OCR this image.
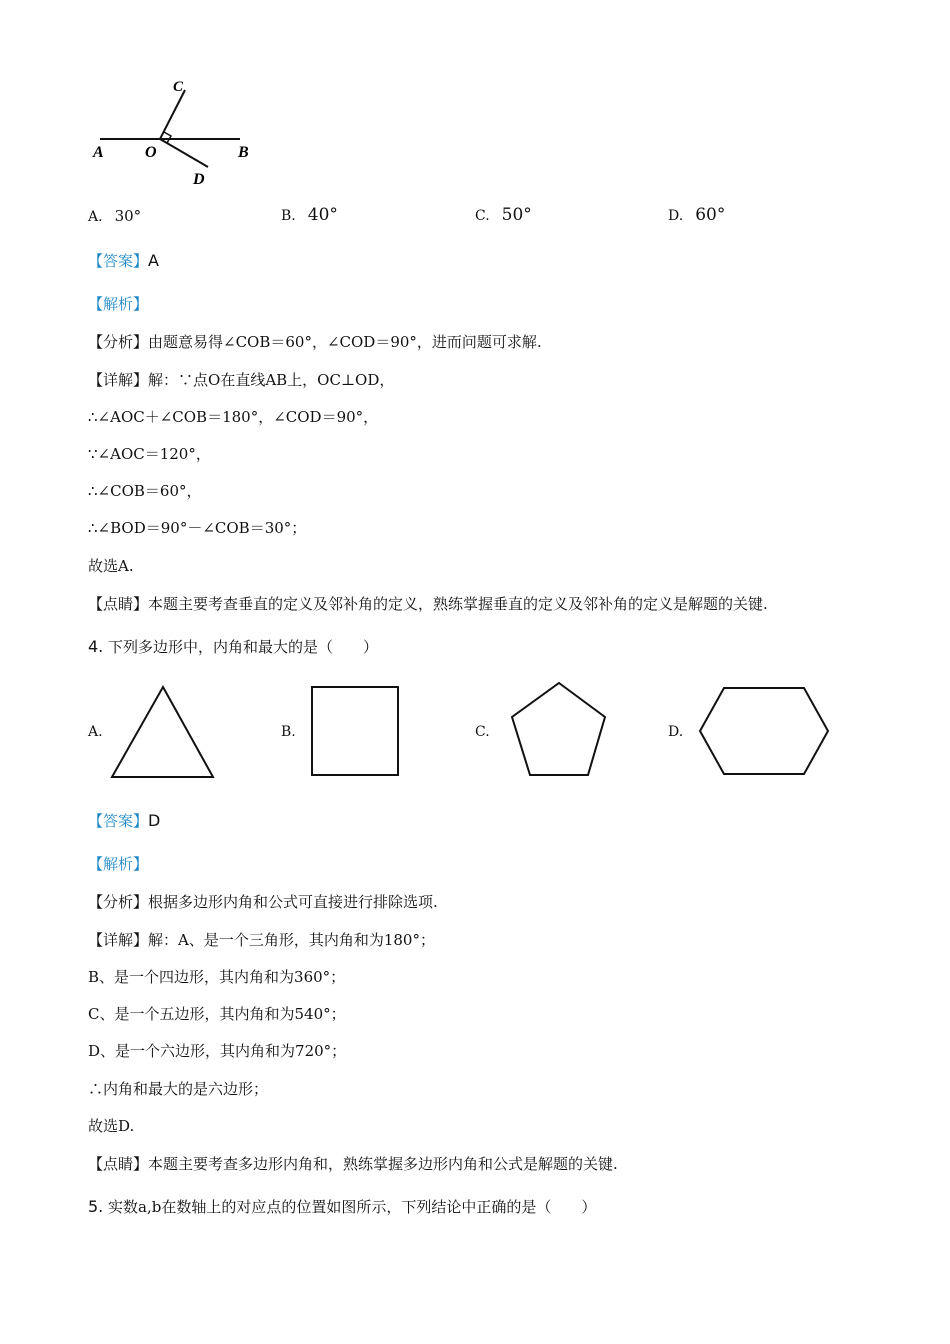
C
A	O	B
D
A. 30°	B. 40°	C. 50°	D. 60°
【答案】A
【解析】
【分析】由题意易得∠COB＝60°，∠COD＝90°，进而问题可求解.
【详解】解：∵点O在直线AB上，OC⊥OD，
∴∠AOC＋∠COB＝180°，∠COD＝90°，
∵∠AOC＝120°，
∴∠COB＝60°，
∴∠BOD＝90°－∠COB＝30°；
故选A.
【点睛】本题主要考查垂直的定义及邻补角的定义，熟练掌握垂直的定义及邻补角的定义是解题的关键.
4. 下列多边形中，内角和最大的是（　　）
A.	B.	C.	D.
【答案】D
【解析】
【分析】根据多边形内角和公式可直接进行排除选项.
【详解】解：A、是一个三角形，其内角和为180°；
B、是一个四边形，其内角和为360°；
C、是一个五边形，其内角和为540°；
D、是一个六边形，其内角和为720°；
∴内角和最大的是六边形；
故选D.
【点睛】本题主要考查多边形内角和，熟练掌握多边形内角和公式是解题的关键.
5. 实数a,b在数轴上的对应点的位置如图所示，下列结论中正确的是（　　）
